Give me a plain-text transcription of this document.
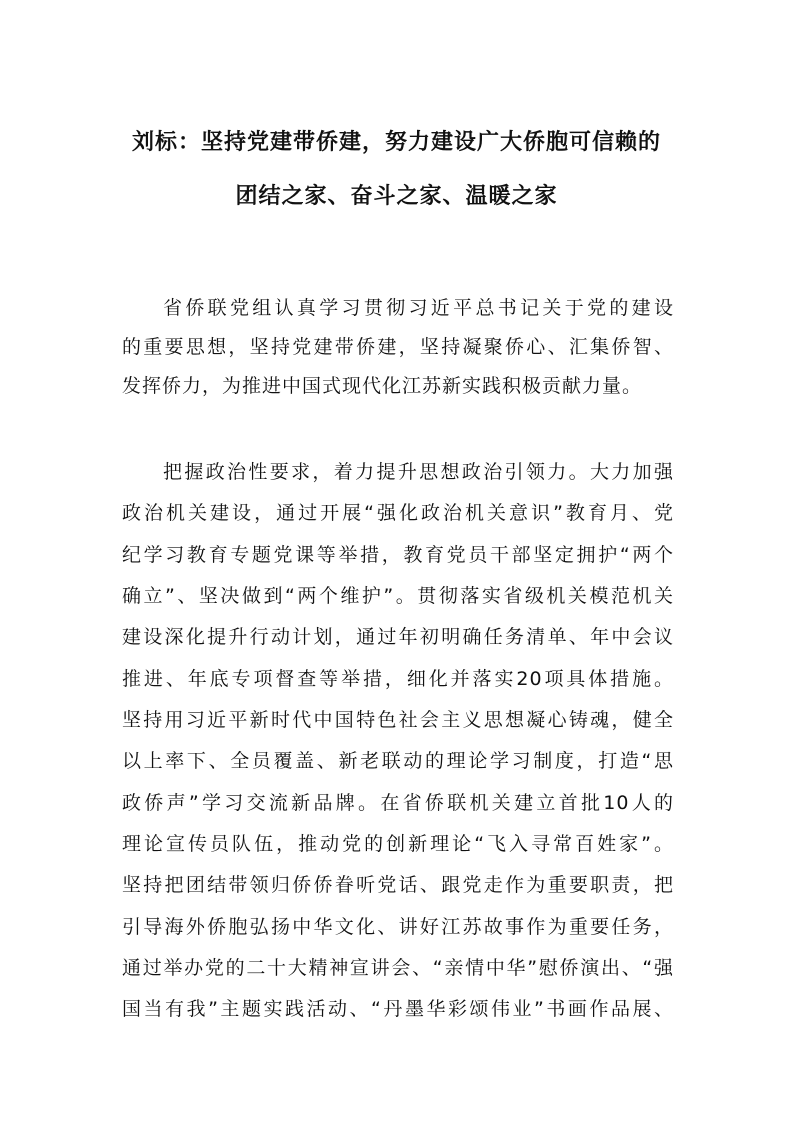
刘标：坚持党建带侨建，努力建设广大侨胞可信赖的
团结之家、奋斗之家、温暖之家
省侨联党组认真学习贯彻习近平总书记关于党的建设
的重要思想，坚持党建带侨建，坚持凝聚侨心、汇集侨智、
发挥侨力，为推进中国式现代化江苏新实践积极贡献力量。
把握政治性要求，着力提升思想政治引领力。大力加强
政治机关建设，通过开展“强化政治机关意识”教育月、党
纪学习教育专题党课等举措，教育党员干部坚定拥护“两个
确立”、坚决做到“两个维护”。贯彻落实省级机关模范机关
建设深化提升行动计划，通过年初明确任务清单、年中会议
推进、年底专项督查等举措，细化并落实20项具体措施。
坚持用习近平新时代中国特色社会主义思想凝心铸魂，健全
以上率下、全员覆盖、新老联动的理论学习制度，打造“思
政侨声”学习交流新品牌。在省侨联机关建立首批10人的
理论宣传员队伍，推动党的创新理论“飞入寻常百姓家”。
坚持把团结带领归侨侨眷听党话、跟党走作为重要职责，把
引导海外侨胞弘扬中华文化、讲好江苏故事作为重要任务，
通过举办党的二十大精神宣讲会、“亲情中华”慰侨演出、“强
国当有我”主题实践活动、“丹墨华彩颂伟业”书画作品展、
